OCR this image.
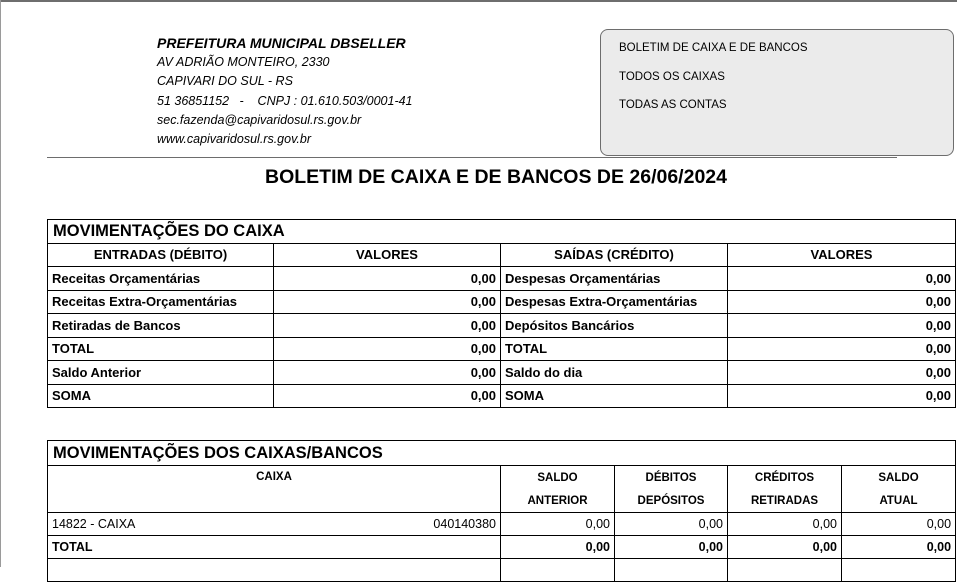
PREFEITURA MUNICIPAL DBSELLER
AV ADRIÃO MONTEIRO, 2330
CAPIVARI DO SUL - RS
51 36851152   -    CNPJ : 01.610.503/0001-41
sec.fazenda@capivaridosul.rs.gov.br
www.capivaridosul.rs.gov.br
BOLETIM DE CAIXA E DE BANCOS
TODOS OS CAIXAS
TODAS AS CONTAS
BOLETIM DE CAIXA E DE BANCOS DE 26/06/2024
MOVIMENTAÇÕES DO CAIXA			
ENTRADAS (DÉBITO)	VALORES	SAÍDAS (CRÉDITO)	VALORES
Receitas Orçamentárias	0,00	Despesas Orçamentárias	0,00
Receitas Extra-Orçamentárias	0,00	Despesas Extra-Orçamentárias	0,00
Retiradas de Bancos	0,00	Depósitos Bancários	0,00
TOTAL	0,00	TOTAL	0,00
Saldo Anterior	0,00	Saldo do dia	0,00
SOMA	0,00	SOMA	0,00
MOVIMENTAÇÕES DOS CAIXAS/BANCOS				
CAIXA	SALDO	DÉBITOS	CRÉDITOS	SALDO
	ANTERIOR	DEPÓSITOS	RETIRADAS	ATUAL

14822 - CAIXA 040140380	0,00	0,00	0,00	0,00
TOTAL	0,00	0,00	0,00	0,00
